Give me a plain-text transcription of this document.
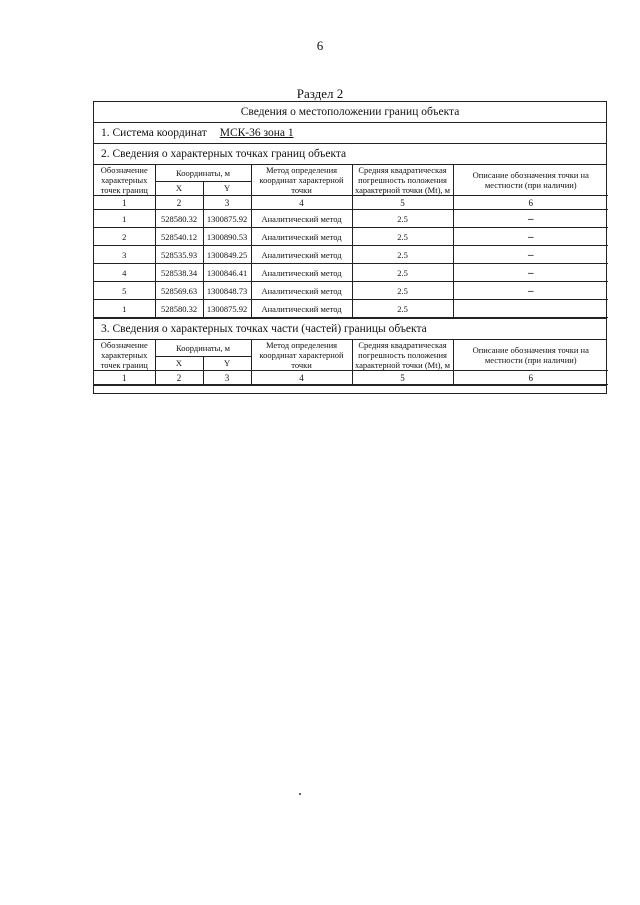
6
Раздел 2
Сведения о местоположении границ объекта
1. Система координат МСК-36 зона 1
2. Сведения о характерных точках границ объекта
Обозначение характерных точек границ	Координаты, м		Метод определения координат характерной точки	Средняя квадратическая погрешность положения характерной точки (Mt), м	Описание обозначения точки на местности (при наличии)
	X	Y			
1	2	3	4	5	6
1	528580.32	1300875.92	Аналитический метод	2.5	–
2	528540.12	1300890.53	Аналитический метод	2.5	–
3	528535.93	1300849.25	Аналитический метод	2.5	–
4	528538.34	1300846.41	Аналитический метод	2.5	–
5	528569.63	1300848.73	Аналитический метод	2.5	–
1	528580.32	1300875.92	Аналитический метод	2.5	
3. Сведения о характерных точках части (частей) границы объекта
Обозначение характерных точек границ	Координаты, м		Метод определения координат характерной точки	Средняя квадратическая погрешность положения характерной точки (Mt), м	Описание обозначения точки на местности (при наличии)
	X	Y			
1	2	3	4	5	6
